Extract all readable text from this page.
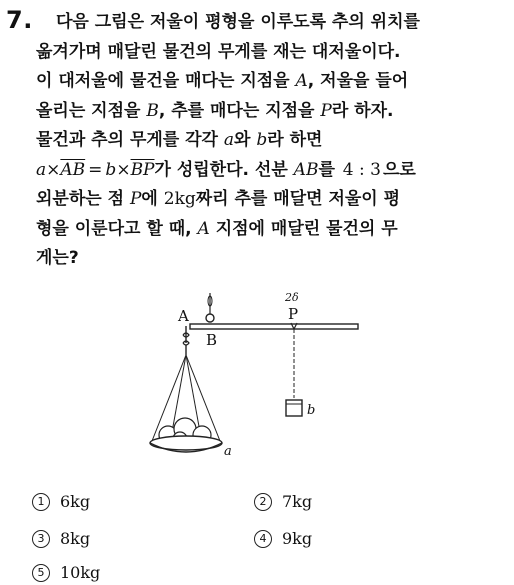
7.	다음 그림은 저울이 평형을 이루도록 추의 위치를
옮겨가며 매달린 물건의 무게를 재는 대저울이다.
이 대저울에 물건을 매다는 지점을 A, 저울을 들어
올리는 지점을 B, 추를 매다는 지점을 P라 하자.
물건과 추의 무게를 각각 a와 b라 하면
$a\times\overline{AB} = b\times\overline{BP}$가 성립한다. 선분 AB를 4 : 3 으로
외분하는 점 P에 2kg짜리 추를 매달면 저울이 평
형을 이룬다고 할 때, A 지점에 매달린 물건의 무
게는?
A
B
P
2 δ
b
a
1 6kg	2 7kg
3 8kg	4 9kg
5 10kg
